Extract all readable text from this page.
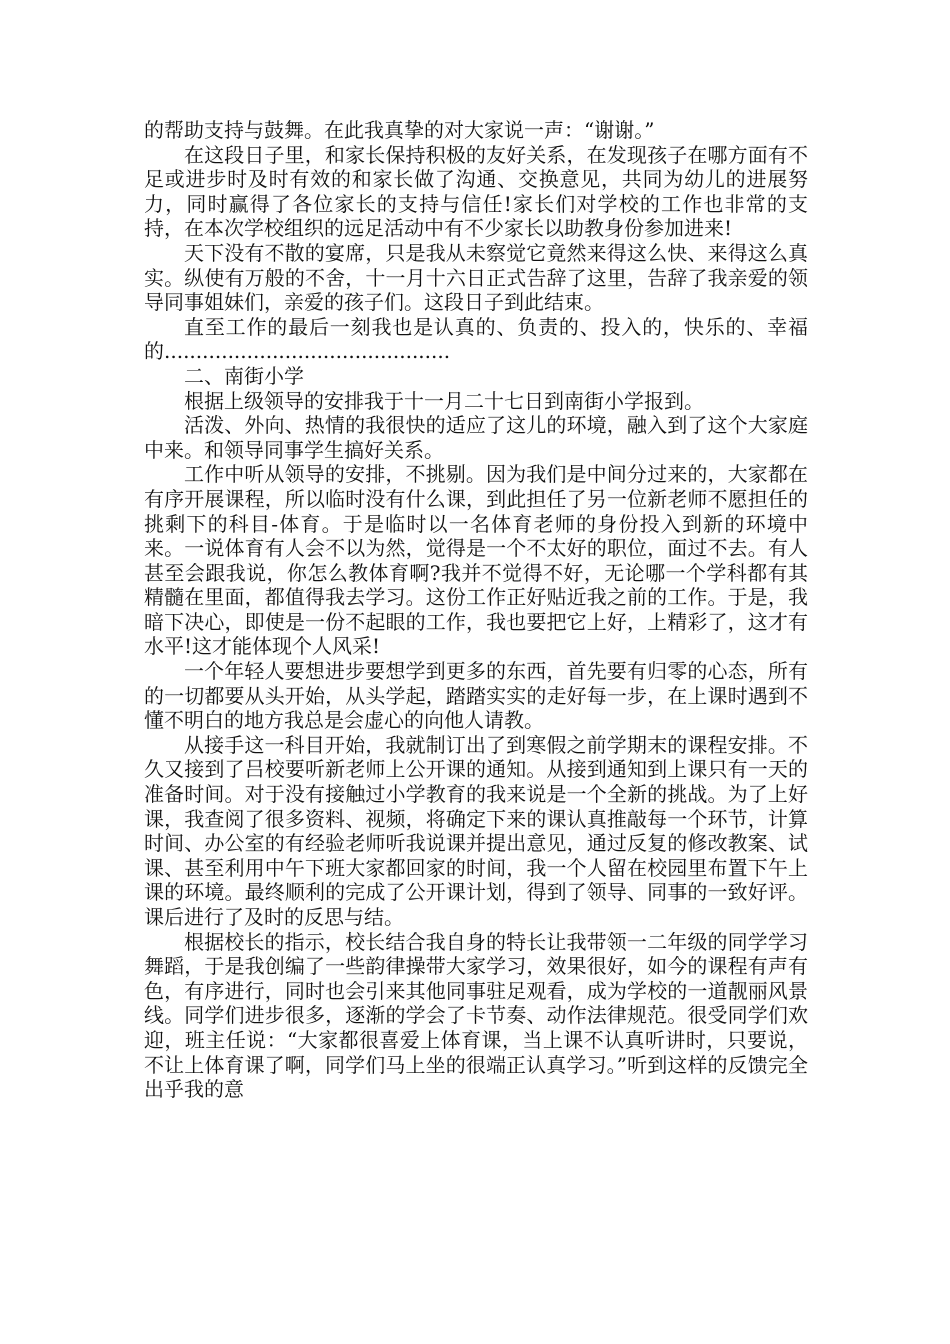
的帮助支持与鼓舞。在此我真挚的对大家说一声：“谢谢。”

在这段日子里，和家长保持积极的友好关系，在发现孩子在哪方面有不足或进步时及时有效的和家长做了沟通、交换意见，共同为幼儿的进展努力，同时赢得了各位家长的支持与信任!家长们对学校的工作也非常的支持，在本次学校组织的远足活动中有不少家长以助教身份参加进来!

天下没有不散的宴席，只是我从未察觉它竟然来得这么快、来得这么真实。纵使有万般的不舍，十一月十六日正式告辞了这里，告辞了我亲爱的领导同事姐妹们，亲爱的孩子们。这段日子到此结束。

直至工作的最后一刻我也是认真的、负责的、投入的，快乐的、幸福的.............................................

二、南街小学

根据上级领导的安排我于十一月二十七日到南街小学报到。

活泼、外向、热情的我很快的适应了这儿的环境，融入到了这个大家庭中来。和领导同事学生搞好关系。

工作中听从领导的安排，不挑剔。因为我们是中间分过来的，大家都在有序开展课程，所以临时没有什么课，到此担任了另一位新老师不愿担任的挑剩下的科目-体育。于是临时以一名体育老师的身份投入到新的环境中来。一说体育有人会不以为然，觉得是一个不太好的职位，面过不去。有人甚至会跟我说，你怎么教体育啊?我并不觉得不好，无论哪一个学科都有其精髓在里面，都值得我去学习。这份工作正好贴近我之前的工作。于是，我暗下决心，即使是一份不起眼的工作，我也要把它上好，上精彩了，这才有水平!这才能体现个人风采!

一个年轻人要想进步要想学到更多的东西，首先要有归零的心态，所有的一切都要从头开始，从头学起，踏踏实实的走好每一步，在上课时遇到不懂不明白的地方我总是会虚心的向他人请教。

从接手这一科目开始，我就制订出了到寒假之前学期末的课程安排。不久又接到了吕校要听新老师上公开课的通知。从接到通知到上课只有一天的准备时间。对于没有接触过小学教育的我来说是一个全新的挑战。为了上好课，我查阅了很多资料、视频，将确定下来的课认真推敲每一个环节，计算时间、办公室的有经验老师听我说课并提出意见，通过反复的修改教案、试课、甚至利用中午下班大家都回家的时间，我一个人留在校园里布置下午上课的环境。最终顺利的完成了公开课计划，得到了领导、同事的一致好评。课后进行了及时的反思与结。

根据校长的指示，校长结合我自身的特长让我带领一二年级的同学学习舞蹈，于是我创编了一些韵律操带大家学习，效果很好，如今的课程有声有色，有序进行，同时也会引来其他同事驻足观看，成为学校的一道靓丽风景线。同学们进步很多，逐渐的学会了卡节奏、动作法律规范。很受同学们欢迎，班主任说：“大家都很喜爱上体育课，当上课不认真听讲时，只要说，不让上体育课了啊，同学们马上坐的很端正认真学习。”听到这样的反馈完全出乎我的意
